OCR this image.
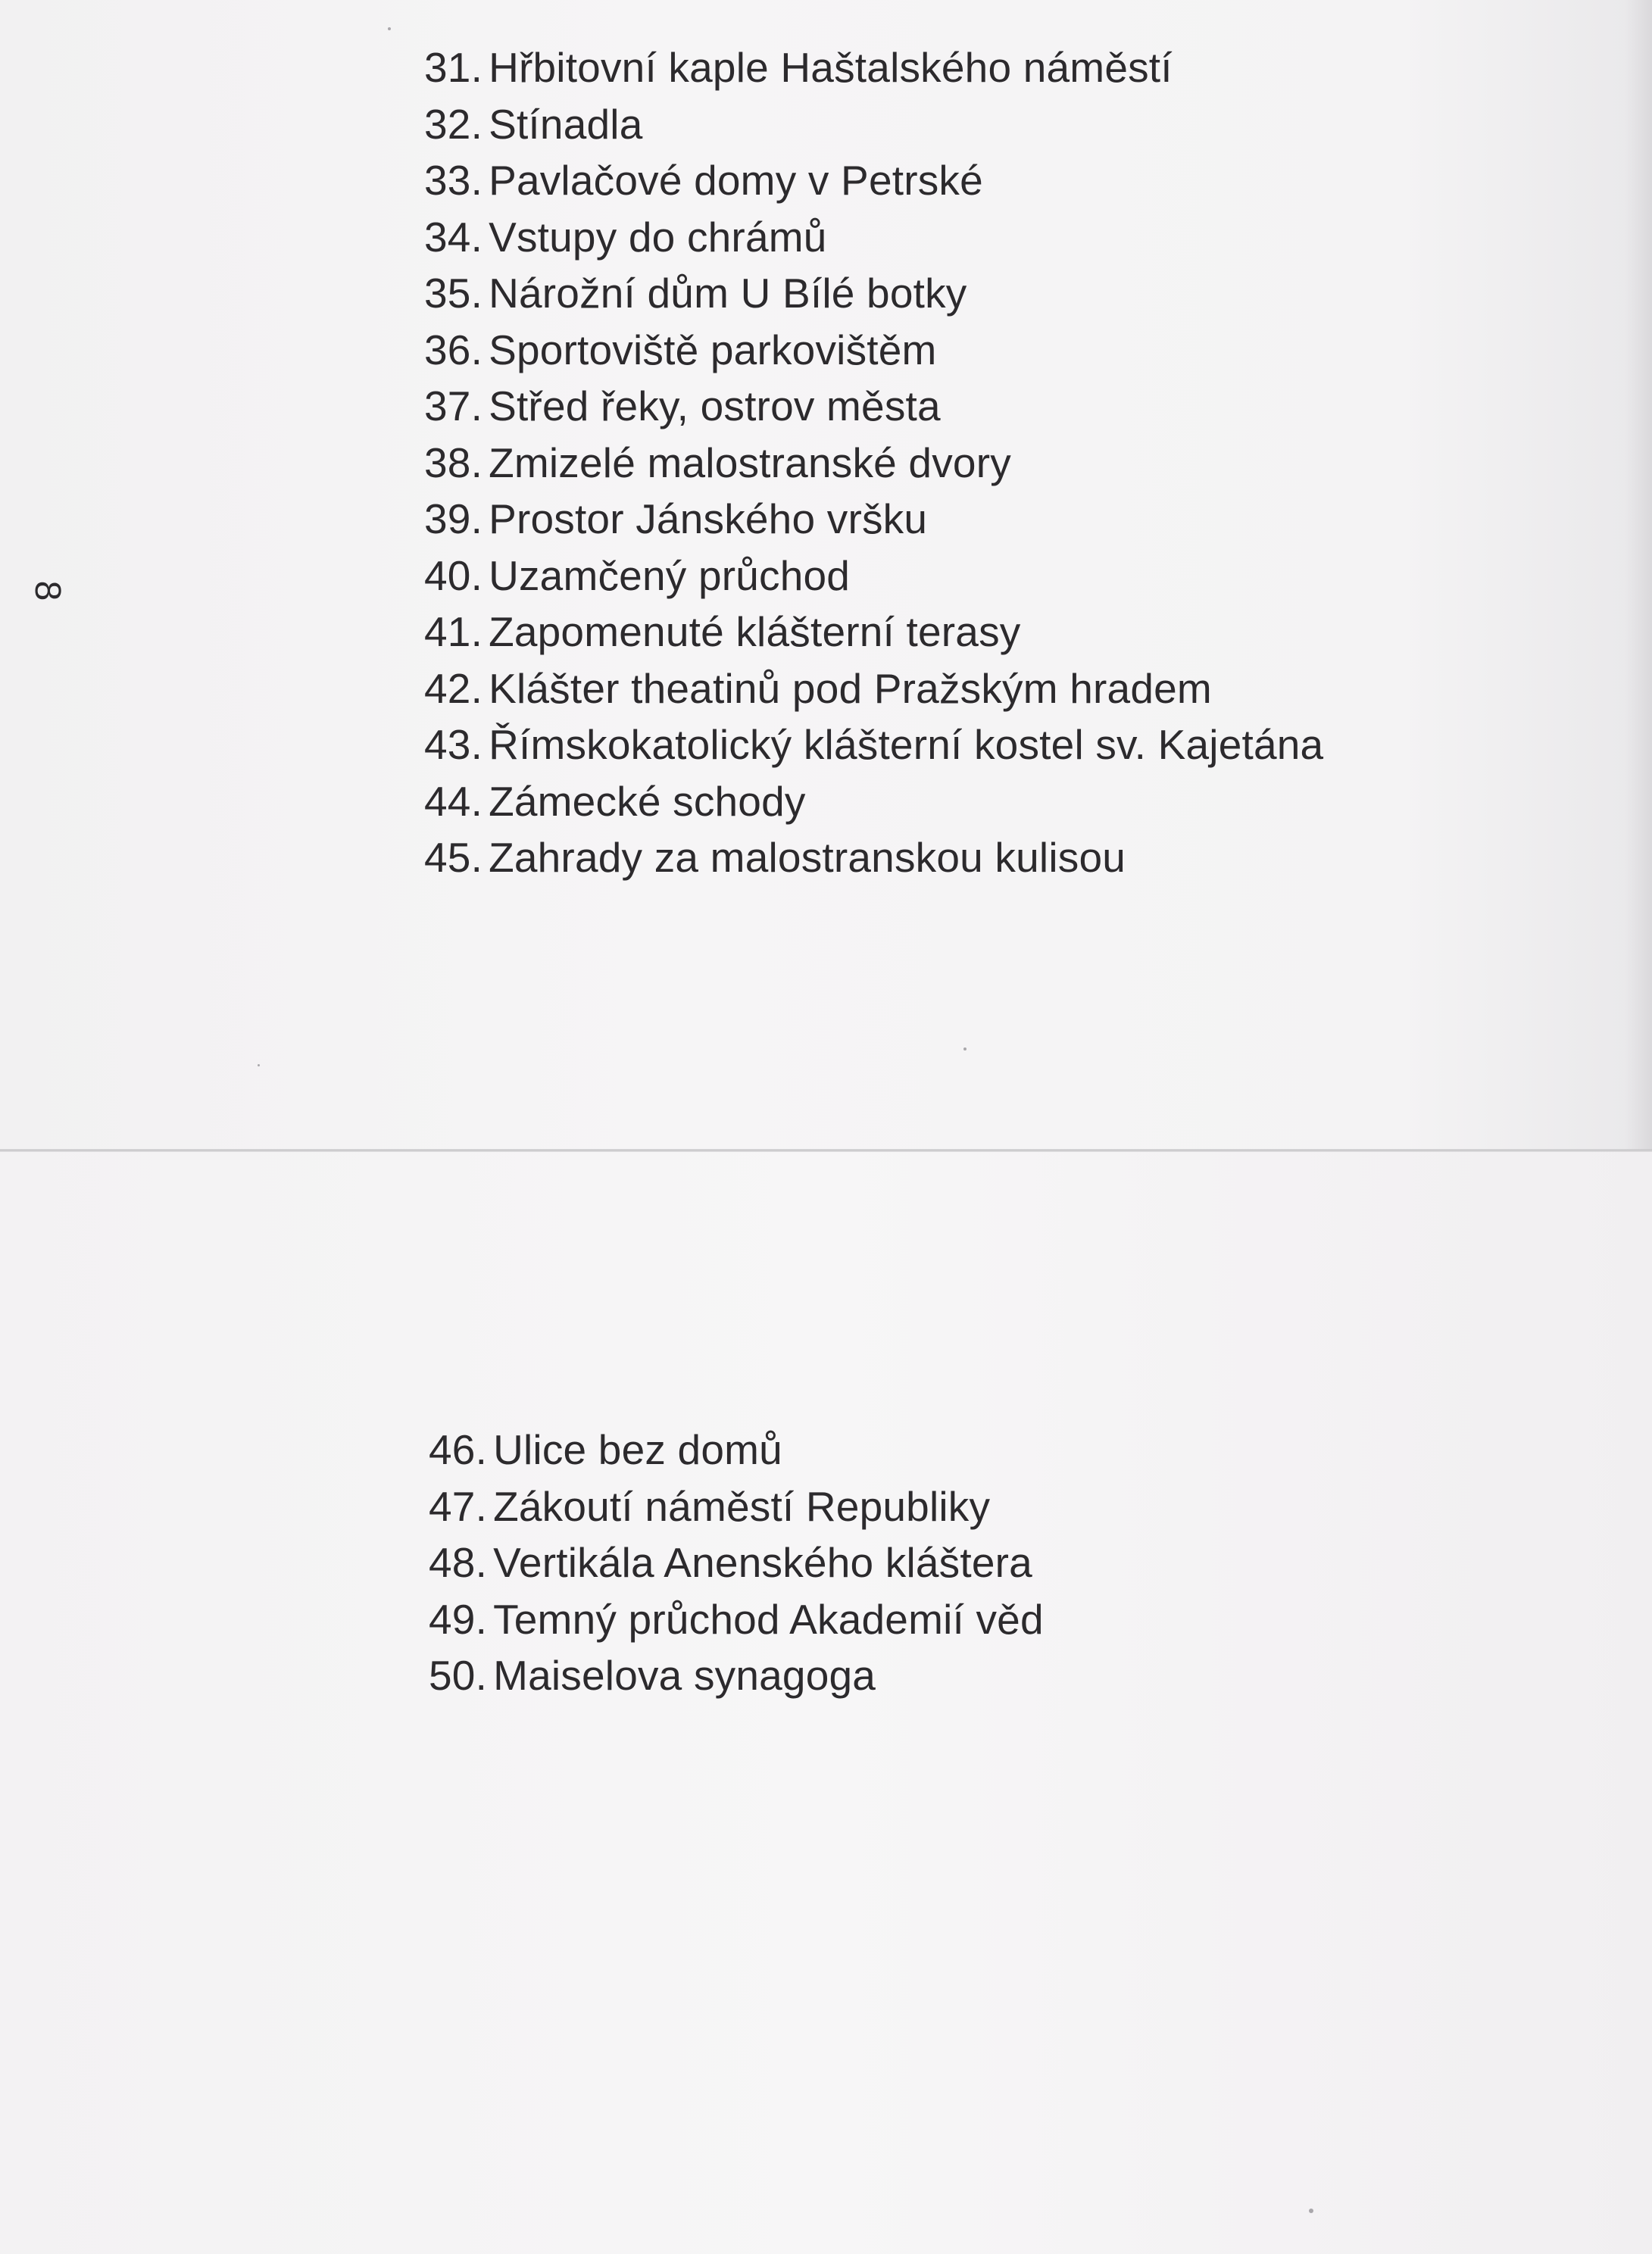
8
31. Hřbitovní kaple Haštalského náměstí
32. Stínadla
33. Pavlačové domy v Petrské
34. Vstupy do chrámů
35. Nárožní dům U Bílé botky
36. Sportoviště parkovištěm
37. Střed řeky, ostrov města
38. Zmizelé malostranské dvory
39. Prostor Jánského vršku
40. Uzamčený průchod
41. Zapomenuté klášterní terasy
42. Klášter theatinů pod Pražským hradem
43. Římskokatolický klášterní kostel sv. Kajetána
44. Zámecké schody
45. Zahrady za malostranskou kulisou
46. Ulice bez domů
47. Zákoutí náměstí Republiky
48. Vertikála Anenského kláštera
49. Temný průchod Akademií věd
50. Maiselova synagoga
